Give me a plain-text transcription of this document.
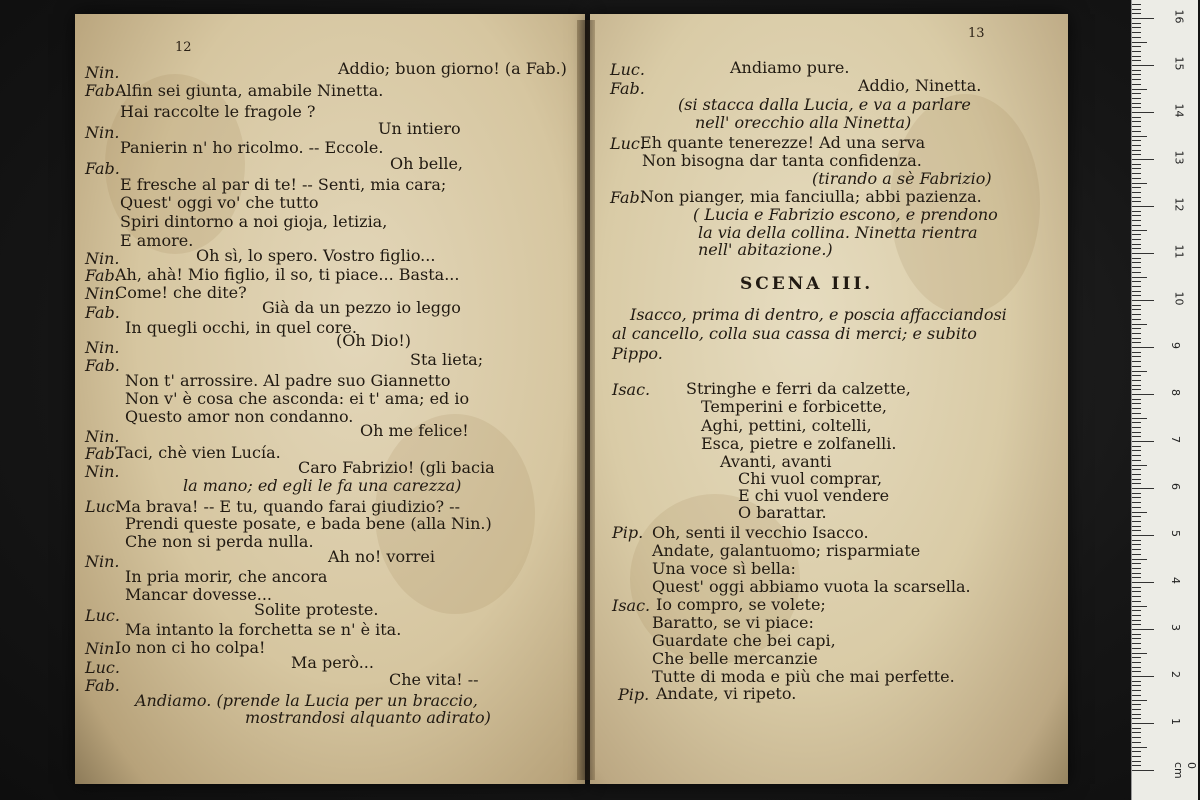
12
Nin.	Addio; buon giorno! (a Fab.)
Fab.
Alfin sei giunta, amabile Ninetta.
Hai raccolte le fragole ?
Nin.	Un intiero
Panierin n' ho ricolmo. -- Eccole.
Fab.	Oh belle,
E fresche al par di te! -- Senti, mia cara;
Quest' oggi vo' che tutto
Spiri dintorno a noi gioja, letizia,
E amore.
Nin.	Oh sì, lo spero. Vostro figlio...
Fab.
Ah, ahà! Mio figlio, il so, ti piace... Basta...
Nin.
Come! che dite?
Fab.	Già da un pezzo io leggo
In quegli occhi, in quel core.
Nin.	(Oh Dio!)
Fab.	Sta lieta;
Non t' arrossire. Al padre suo Giannetto
Non v' è cosa che asconda: ei t' ama; ed io
Questo amor non condanno.
Nin.	Oh me felice!
Fab.
Taci, chè vien Lucía.
Nin.	Caro Fabrizio! (gli bacia
la mano; ed egli le fa una carezza)
Luc.
Ma brava! -- E tu, quando farai giudizio? --
Prendi queste posate, e bada bene (alla Nin.)
Che non si perda nulla.
Nin.	Ah no! vorrei
In pria morir, che ancora
Mancar dovesse...
Luc.	Solite proteste.
Ma intanto la forchetta se n' è ita.
Nin.
Io non ci ho colpa!
Luc.	Ma però...
Fab.	Che vita! --
Andiamo. (prende la Lucia per un braccio,
mostrandosi alquanto adirato)
13
SCENA III.
Luc.	Andiamo pure.
Fab.	Addio, Ninetta.
(si stacca dalla Lucia, e va a parlare
nell' orecchio alla Ninetta)
Luc.
Eh quante tenerezze! Ad una serva
Non bisogna dar tanta confidenza.
(tirando a sè Fabrizio)
Fab.
Non pianger, mia fanciulla; abbi pazienza.
( Lucia e Fabrizio escono, e prendono
la via della collina. Ninetta rientra
nell' abitazione.)
Isacco, prima di dentro, e poscia affacciandosi
al cancello, colla sua cassa di merci; e subito
Pippo.
Isac. Stringhe e ferri da calzette,
Temperini e forbicette,
Aghi, pettini, coltelli,
Esca, pietre e zolfanelli.
Avanti, avanti
Chi vuol comprar,
E chi vuol vendere
O barattar.
Pip. Oh, senti il vecchio Isacco.
Andate, galantuomo; risparmiate
Una voce sì bella:
Quest' oggi abbiamo vuota la scarsella.
Isac. Io compro, se volete;
Baratto, se vi piace:
Guardate che bei capi,
Che belle mercanzie
Tutte di moda e più che mai perfette.
Pip. Andate, vi ripeto.
0 cm
1
2
3
4
5
6
7
8
9
10
11
12
13
14
15
16
